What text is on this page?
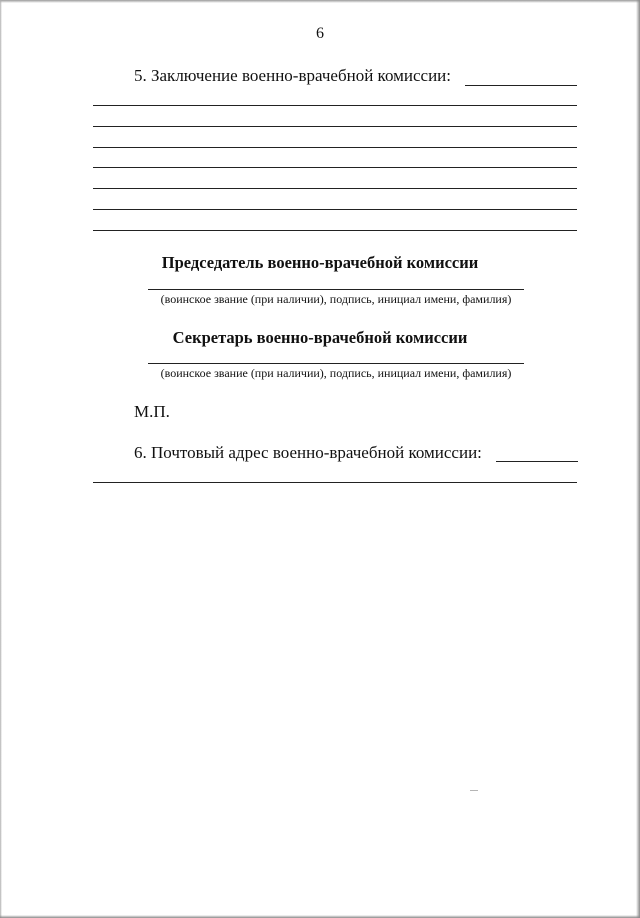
6
5. Заключение военно-врачебной комиссии:
Председатель военно-врачебной комиссии
(воинское звание (при наличии), подпись, инициал имени, фамилия)
Секретарь военно-врачебной комиссии
(воинское звание (при наличии), подпись, инициал имени, фамилия)
М.П.
6. Почтовый адрес военно-врачебной комиссии:
